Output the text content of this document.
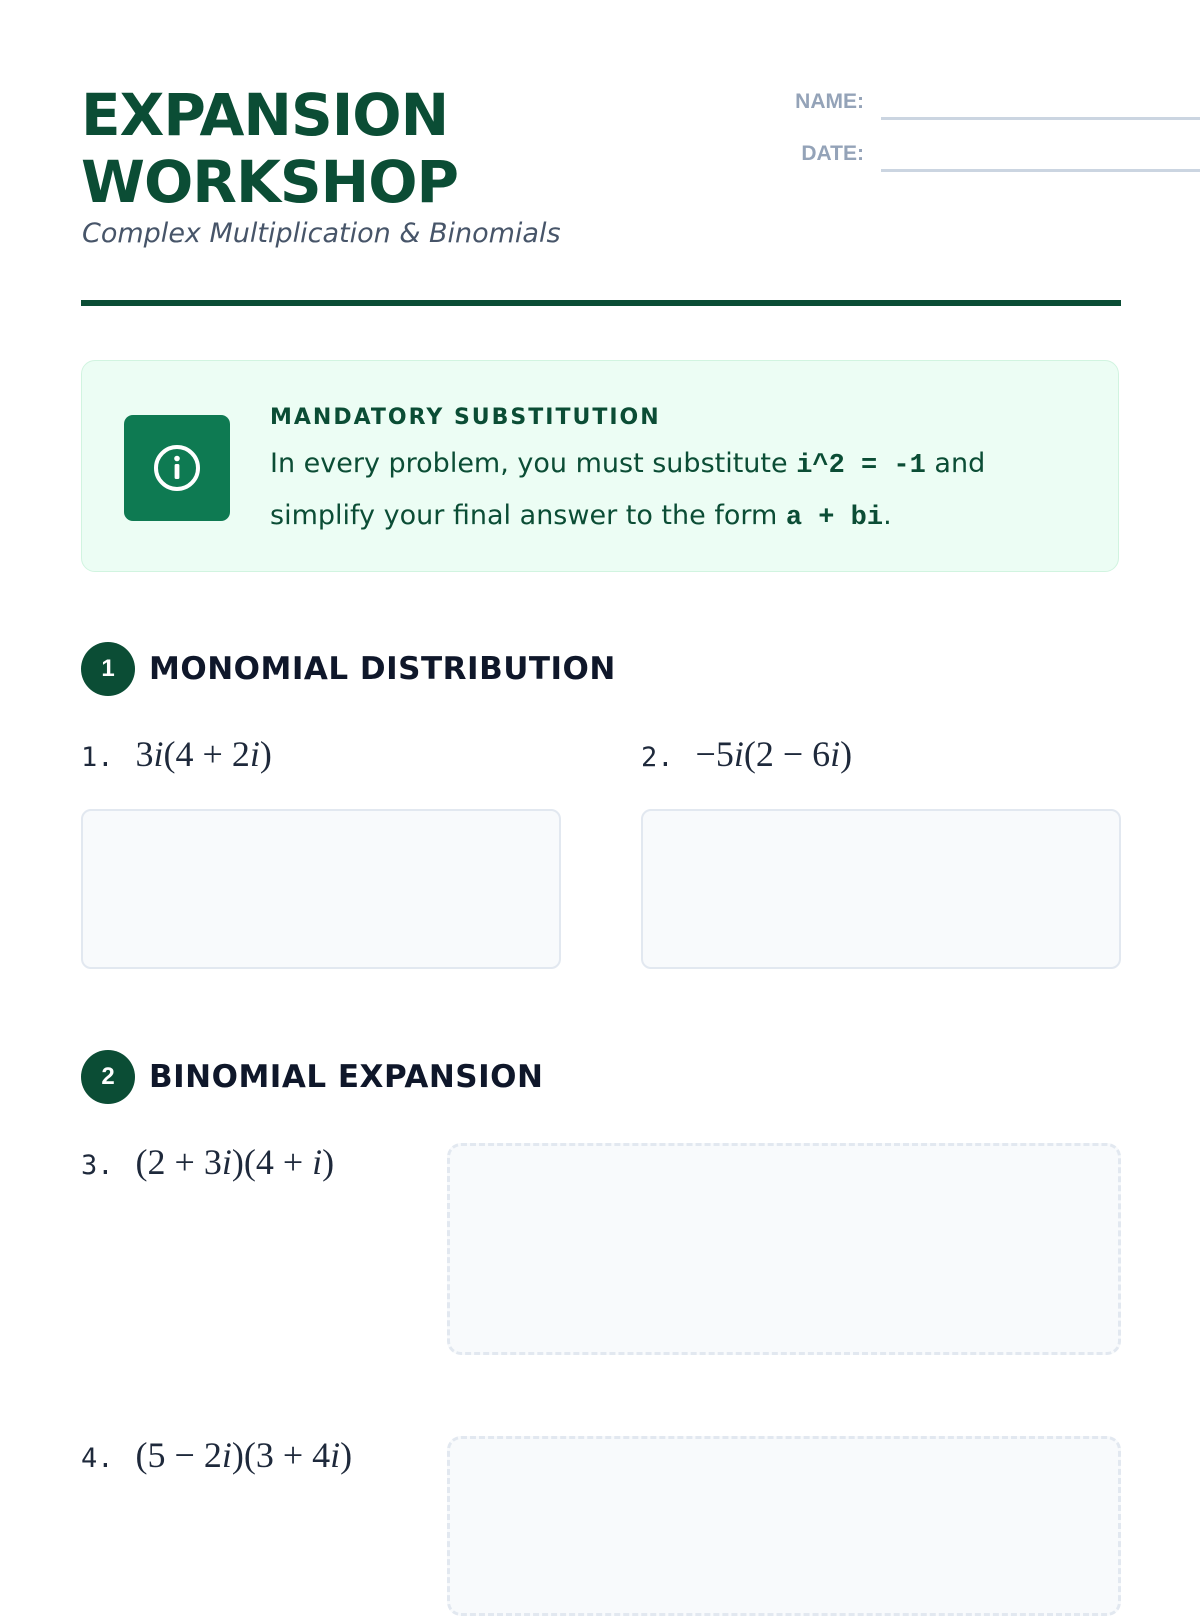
EXPANSION
WORKSHOP
Complex Multiplication & Binomials
NAME:
DATE:
MANDATORY SUBSTITUTION
In every problem, you must substitute i^2 = -1 and simplify your final answer to the form a + bi.
1	MONOMIAL DISTRIBUTION
1. 3i(4 + 2i)	2. −5i(2 − 6i)
2	BINOMIAL EXPANSION
3. (2 + 3i)(4 + i)
4. (5 − 2i)(3 + 4i)
